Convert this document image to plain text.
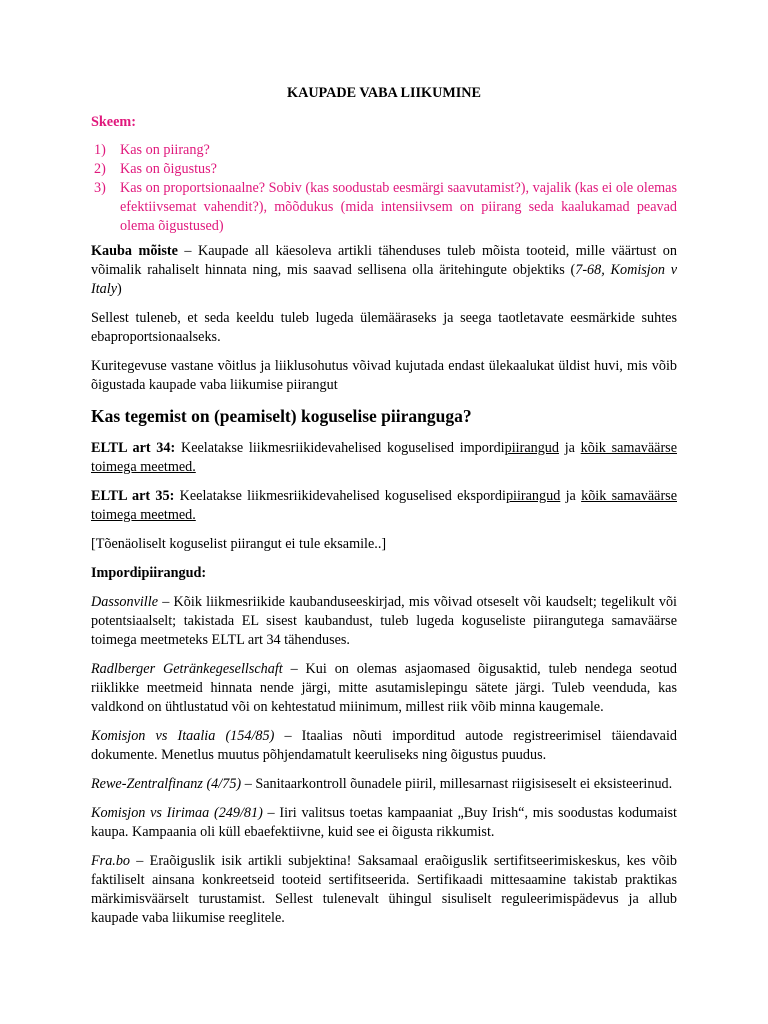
KAUPADE VABA LIIKUMINE
Skeem:
1) Kas on piirang?
2) Kas on õigustus?
3) Kas on proportsionaalne? Sobiv (kas soodustab eesmärgi saavutamist?), vajalik (kas ei ole olemas efektiivsemat vahendit?), mõõdukus (mida intensiivsem on piirang seda kaalukamad peavad olema õigustused)

Kauba mõiste – Kaupade all käesoleva artikli tähenduses tuleb mõista tooteid, mille väärtust on võimalik rahaliselt hinnata ning, mis saavad sellisena olla äritehingute objektiks (7-68, Komisjon v Italy)

Sellest tuleneb, et seda keeldu tuleb lugeda ülemääraseks ja seega taotletavate eesmärkide suhtes ebaproportsionaalseks.

Kuritegevuse vastane võitlus ja liiklusohutus võivad kujutada endast ülekaalukat üldist huvi, mis võib õigustada kaupade vaba liikumise piirangut

Kas tegemist on (peamiselt) koguselise piiranguga?

ELTL art 34: Keelatakse liikmesriikidevahelised koguselised impordipiirangud ja kõik samaväärse toimega meetmed.

ELTL art 35: Keelatakse liikmesriikidevahelised koguselised ekspordipiirangud ja kõik samaväärse toimega meetmed.

[Tõenäoliselt koguselist piirangut ei tule eksamile..]

Impordipiirangud:

Dassonville – Kõik liikmesriikide kaubanduseeskirjad, mis võivad otseselt või kaudselt; tegelikult või potentsiaalselt; takistada EL sisest kaubandust, tuleb lugeda koguseliste piirangutega samaväärse toimega meetmeteks ELTL art 34 tähenduses.

Radlberger Getränkegesellschaft – Kui on olemas asjaomased õigusaktid, tuleb nendega seotud riiklikke meetmeid hinnata nende järgi, mitte asutamislepingu sätete järgi. Tuleb veenduda, kas valdkond on ühtlustatud või on kehtestatud miinimum, millest riik võib minna kaugemale.

Komisjon vs Itaalia (154/85) – Itaalias nõuti imporditud autode registreerimisel täiendavaid dokumente. Menetlus muutus põhjendamatult keeruliseks ning õigustus puudus.

Rewe-Zentralfinanz (4/75) – Sanitaarkontroll õunadele piiril, millesarnast riigisiseselt ei eksisteerinud.

Komisjon vs Iirimaa (249/81) – Iiri valitsus toetas kampaaniat „Buy Irish“, mis soodustas kodumaist kaupa. Kampaania oli küll ebaefektiivne, kuid see ei õigusta rikkumist.

Fra.bo – Eraõiguslik isik artikli subjektina! Saksamaal eraõiguslik sertifitseerimiskeskus, kes võib faktiliselt ainsana konkreetseid tooteid sertifitseerida. Sertifikaadi mittesaamine takistab praktikas märkimisväärselt turustamist. Sellest tulenevalt ühingul sisuliselt reguleerimispädevus ja allub kaupade vaba liikumise reeglitele.
